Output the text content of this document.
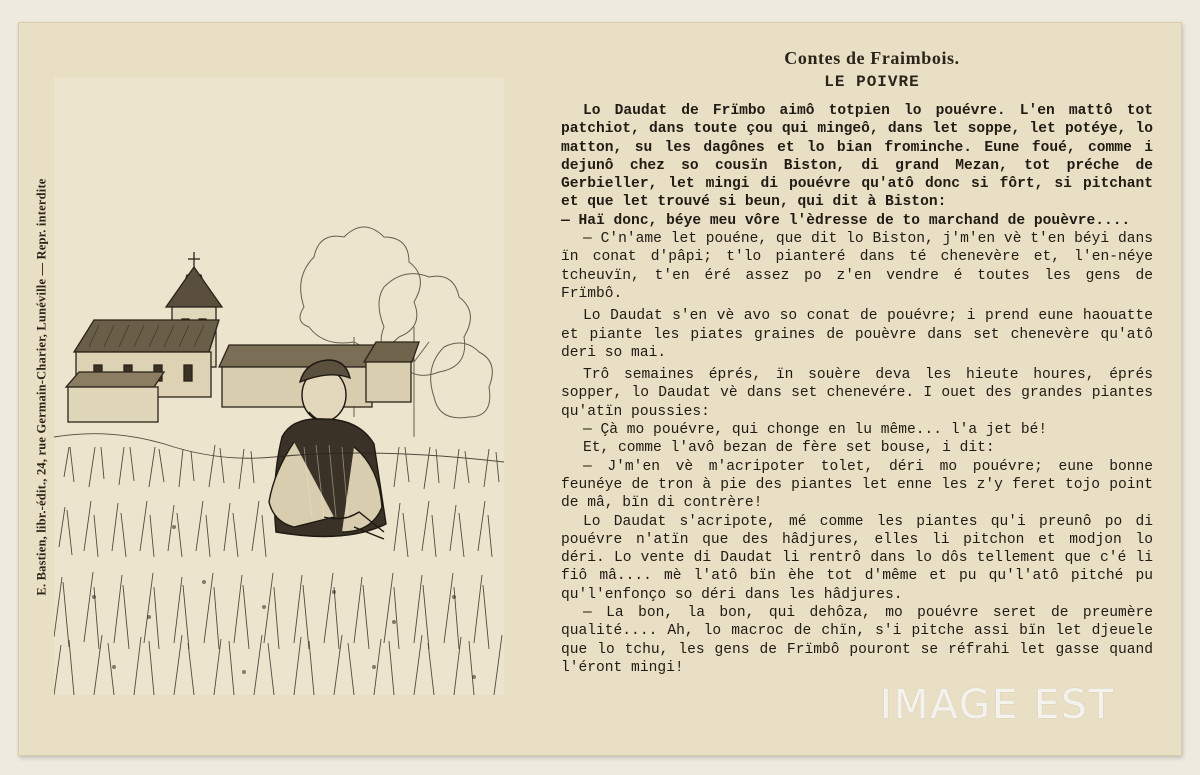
E. Bastien, libr.-édit., 24, rue Germain-Charier, Lunéville — Repr. interdite
Contes de Fraimbois.
LE POIVRE

Lo Daudat de Frïmbo aimô totpien lo pouévre. L'en mattô tot patchiot, dans toute çou qui mingeô, dans let soppe, let potéye, lo matton, su les dagônes et lo bian frominche. Eune foué, comme i dejunô chez so cousïn Biston, di grand Mezan, tot préche de Gerbieller, let mingi di pouévre qu'atô donc si fôrt, si pitchant et que let trouvé si beun, qui dit à Biston:

— Haï donc, béye meu vôre l'èdresse de to marchand de pouèvre....

— C'n'ame let pouéne, que dit lo Biston, j'm'en vè t'en béyi dans ïn conat d'pâpi; t'lo pianteré dans té chenevère et, l'en-néye tcheuvïn, t'en éré assez po z'en vendre é toutes les gens de Frïmbô.

Lo Daudat s'en vè avo so conat de pouévre; i prend eune haouatte et piante les piates graines de pouèvre dans set chenevère qu'atô deri so mai.

Trô semaines éprés, ïn souère deva les hieute houres, éprés sopper, lo Daudat vè dans set chenevére. I ouet des grandes piantes qu'atïn poussies:

— Çà mo pouévre, qui chonge en lu même... l'a jet bé!

Et, comme l'avô bezan de fère set bouse, i dit:

— J'm'en vè m'acripoter tolet, déri mo pouévre; eune bonne feunéye de tron à pie des piantes let enne les z'y feret tojo point de mâ, bïn di contrère!

Lo Daudat s'acripote, mé comme les piantes qu'i preunô po di pouévre n'atïn que des hâdjures, elles li pitchon et modjon lo déri. Lo vente di Daudat li rentrô dans lo dôs tellement que c'é li fiô mâ.... mè l'atô bïn èhe tot d'même et pu qu'l'atô pitché pu qu'l'enfonço so déri dans les hâdjures.

— La bon, la bon, qui dehôza, mo pouévre seret de preumère qualité.... Ah, lo macroc de chïn, s'i pitche assi bïn let djeuele que lo tchu, les gens de Frïmbô pouront se réfrahi let gasse quand l'éront mingi!

IMAGE EST
